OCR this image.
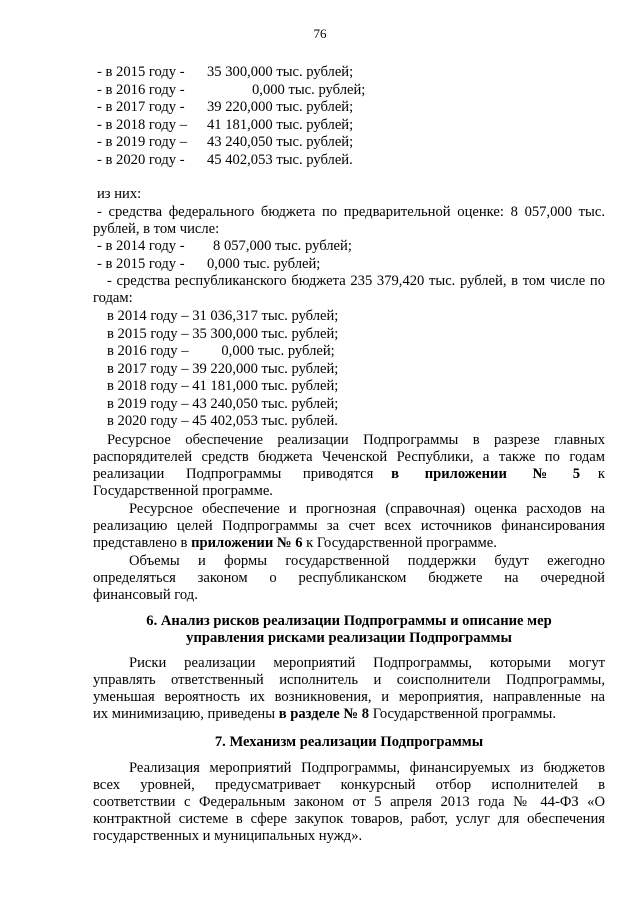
76
- в 2015 году - 35 300,000 тыс. рублей;
- в 2016 году -	0,000 тыс. рублей;
- в 2017 году - 39 220,000 тыс. рублей;
- в 2018 году – 41 181,000 тыс. рублей;
- в 2019 году – 43 240,050 тыс. рублей;
- в 2020 году - 45 402,053 тыс. рублей.
из них:
- средства федерального бюджета по предварительной оценке: 8 057,000 тыс.
рублей, в том числе:
- в 2014 году - 8 057,000 тыс. рублей;
- в 2015 году - 0,000 тыс. рублей;
- средства республиканского бюджета 235 379,420 тыс. рублей, в том числе по
годам:
в 2014 году – 31 036,317 тыс. рублей;
в 2015 году – 35 300,000 тыс. рублей;
в 2016 году –         0,000 тыс. рублей;
в 2017 году – 39 220,000 тыс. рублей;
в 2018 году – 41 181,000 тыс. рублей;
в 2019 году – 43 240,050 тыс. рублей;
в 2020 году – 45 402,053 тыс. рублей.
Ресурсное обеспечение реализации Подпрограммы в разрезе главных
распорядителей средств бюджета Чеченской Республики, а также по годам
реализации Подпрограммы приводятся в приложении № 5 к
Государственной программе.
Ресурсное обеспечение и прогнозная (справочная) оценка расходов на
реализацию целей Подпрограммы за счет всех источников финансирования
представлено в приложении № 6 к Государственной программе.
Объемы и формы государственной поддержки будут ежегодно
определяться законом о республиканском бюджете на очередной
финансовый год.
6. Анализ рисков реализации Подпрограммы и описание мер
управления рисками реализации Подпрограммы
Риски реализации мероприятий Подпрограммы, которыми могут
управлять ответственный исполнитель и соисполнители Подпрограммы,
уменьшая вероятность их возникновения, и мероприятия, направленные на
их минимизацию, приведены в разделе № 8 Государственной программы.
7. Механизм реализации Подпрограммы
Реализация мероприятий Подпрограммы, финансируемых из бюджетов
всех уровней, предусматривает конкурсный отбор исполнителей в
соответствии с Федеральным законом от 5 апреля 2013 года № 44-ФЗ «О
контрактной системе в сфере закупок товаров, работ, услуг для обеспечения
государственных и муниципальных нужд».
